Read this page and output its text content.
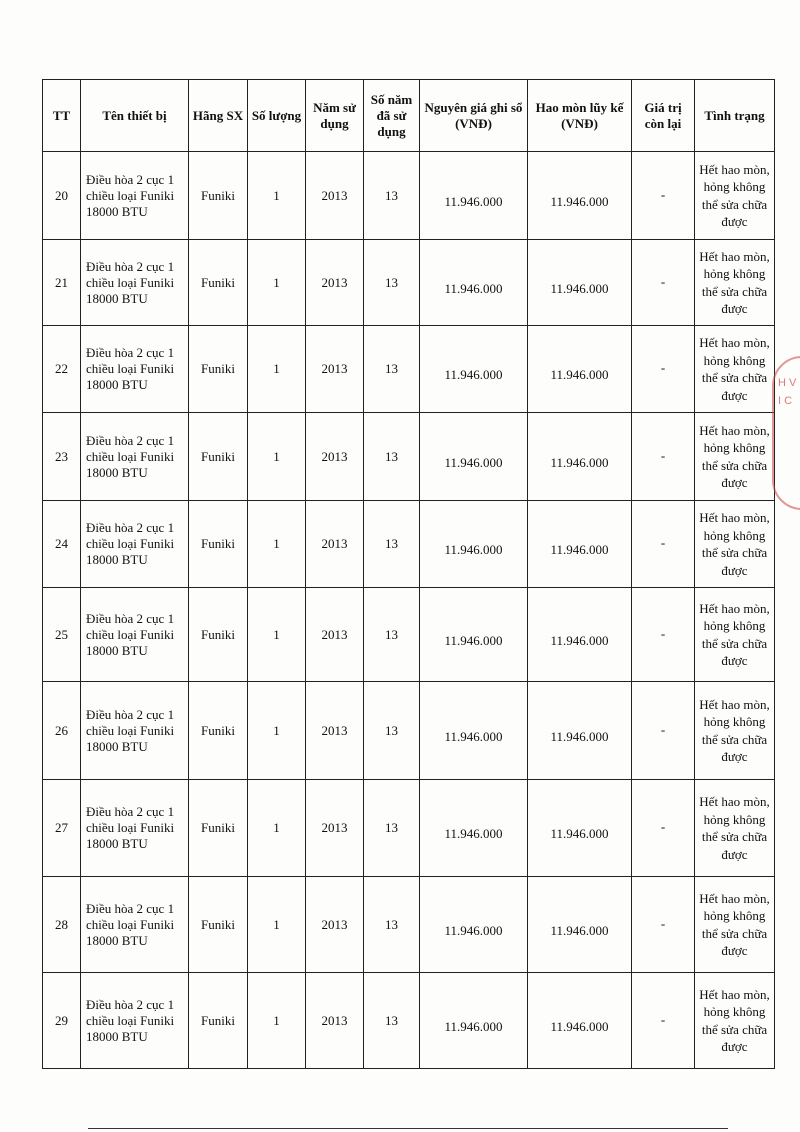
TT	Tên thiết bị	Hãng SX	Số lượng	Năm sử dụng	Số năm đã sử dụng	Nguyên giá ghi sổ (VNĐ)	Hao mòn lũy kế (VNĐ)	Giá trị còn lại	Tình trạng
20	Điều hòa 2 cục 1 chiều loại Funiki 18000 BTU	Funiki	1	2013	13	11.946.000	11.946.000	-	Hết hao mòn, hỏng không thể sửa chữa được
21	Điều hòa 2 cục 1 chiều loại Funiki 18000 BTU	Funiki	1	2013	13	11.946.000	11.946.000	-	Hết hao mòn, hỏng không thể sửa chữa được
22	Điều hòa 2 cục 1 chiều loại Funiki 18000 BTU	Funiki	1	2013	13	11.946.000	11.946.000	-	Hết hao mòn, hỏng không thể sửa chữa được
23	Điều hòa 2 cục 1 chiều loại Funiki 18000 BTU	Funiki	1	2013	13	11.946.000	11.946.000	-	Hết hao mòn, hỏng không thể sửa chữa được
24	Điều hòa 2 cục 1 chiều loại Funiki 18000 BTU	Funiki	1	2013	13	11.946.000	11.946.000	-	Hết hao mòn, hỏng không thể sửa chữa được
25	Điều hòa 2 cục 1 chiều loại Funiki 18000 BTU	Funiki	1	2013	13	11.946.000	11.946.000	-	Hết hao mòn, hỏng không thể sửa chữa được
26	Điều hòa 2 cục 1 chiều loại Funiki 18000 BTU	Funiki	1	2013	13	11.946.000	11.946.000	-	Hết hao mòn, hỏng không thể sửa chữa được
27	Điều hòa 2 cục 1 chiều loại Funiki 18000 BTU	Funiki	1	2013	13	11.946.000	11.946.000	-	Hết hao mòn, hỏng không thể sửa chữa được
28	Điều hòa 2 cục 1 chiều loại Funiki 18000 BTU	Funiki	1	2013	13	11.946.000	11.946.000	-	Hết hao mòn, hỏng không thể sửa chữa được
29	Điều hòa 2 cục 1 chiều loại Funiki 18000 BTU	Funiki	1	2013	13	11.946.000	11.946.000	-	Hết hao mòn, hỏng không thể sửa chữa được
H V
I C
